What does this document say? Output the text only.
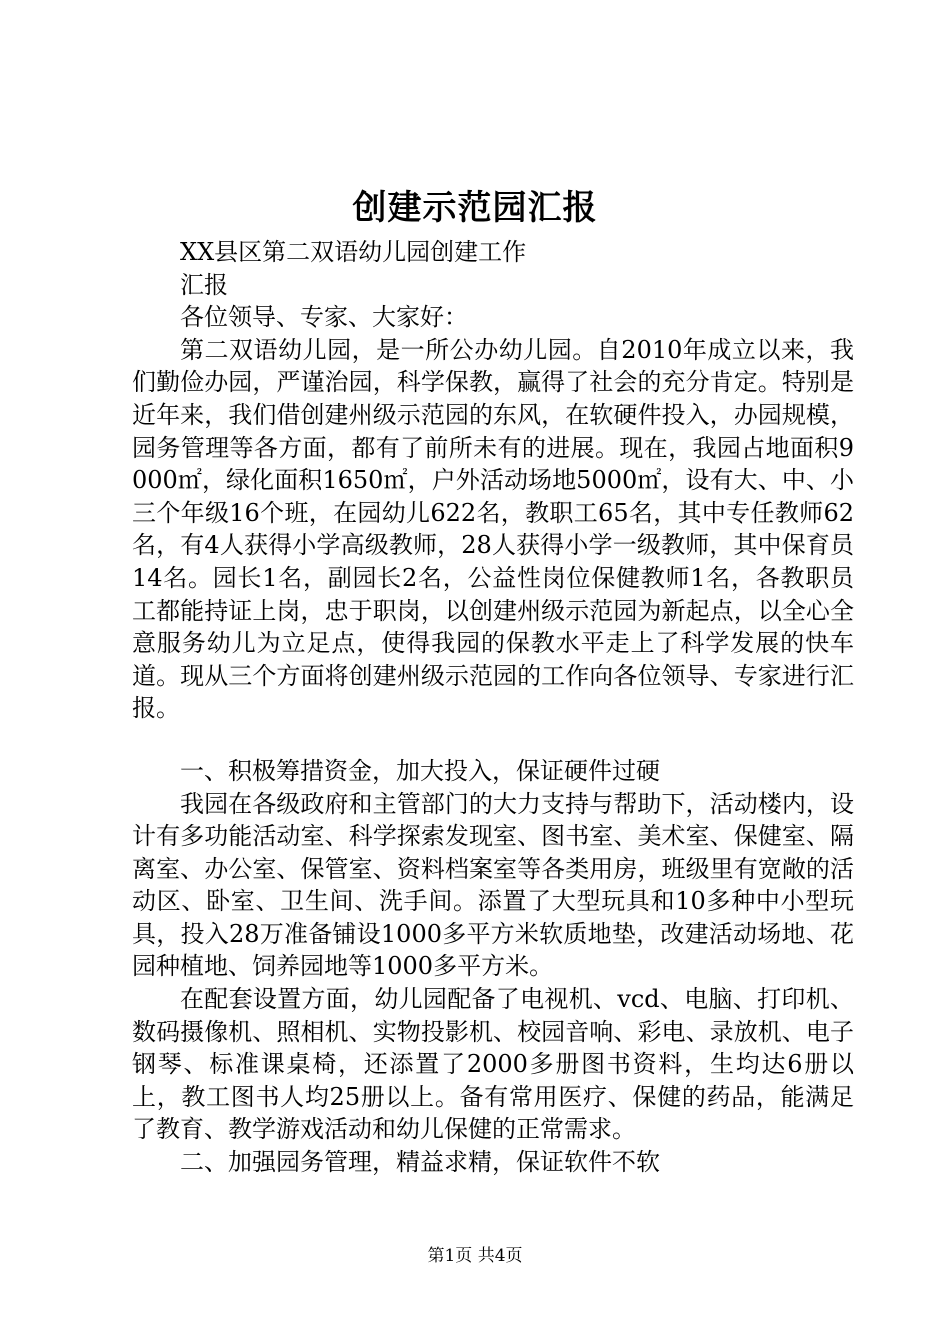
创建示范园汇报

XX县区第二双语幼儿园创建工作

汇报

各位领导、专家、大家好：

第二双语幼儿园，是一所公办幼儿园。自2010年成立以来，我们勤俭办园，严谨治园，科学保教，赢得了社会的充分肯定。特别是近年来，我们借创建州级示范园的东风，在软硬件投入，办园规模，园务管理等各方面，都有了前所未有的进展。现在，我园占地面积9000㎡，绿化面积1650㎡，户外活动场地5000㎡，设有大、中、小三个年级16个班，在园幼儿622名，教职工65名，其中专任教师62名，有4人获得小学高级教师，28人获得小学一级教师，其中保育员14名。园长1名，副园长2名，公益性岗位保健教师1名，各教职员工都能持证上岗，忠于职岗，以创建州级示范园为新起点，以全心全意服务幼儿为立足点，使得我园的保教水平走上了科学发展的快车道。现从三个方面将创建州级示范园的工作向各位领导、专家进行汇报。

一、积极筹措资金，加大投入，保证硬件过硬

我园在各级政府和主管部门的大力支持与帮助下，活动楼内，设计有多功能活动室、科学探索发现室、图书室、美术室、保健室、隔离室、办公室、保管室、资料档案室等各类用房，班级里有宽敞的活动区、卧室、卫生间、洗手间。添置了大型玩具和10多种中小型玩具，投入28万准备铺设1000多平方米软质地垫，改建活动场地、花园种植地、饲养园地等1000多平方米。

在配套设置方面，幼儿园配备了电视机、vcd、电脑、打印机、数码摄像机、照相机、实物投影机、校园音响、彩电、录放机、电子钢琴、标准课桌椅，还添置了2000多册图书资料，生均达6册以上，教工图书人均25册以上。备有常用医疗、保健的药品，能满足了教育、教学游戏活动和幼儿保健的正常需求。

二、加强园务管理，精益求精，保证软件不软

第1页 共4页
